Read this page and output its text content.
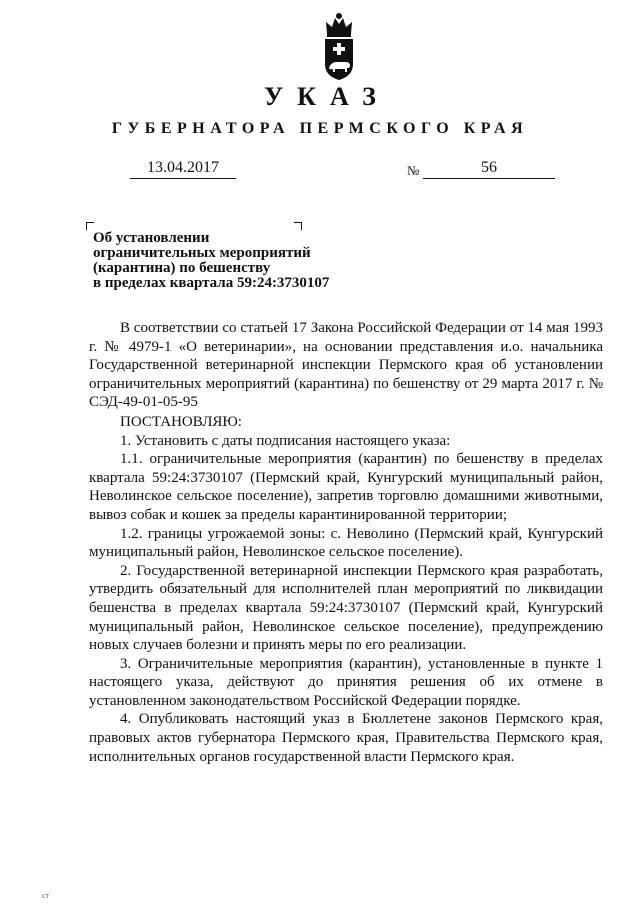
УКАЗ
ГУБЕРНАТОРА ПЕРМСКОГО КРАЯ
13.04.2017	№	56
Об установлении
ограничительных мероприятий
(карантина) по бешенству
в пределах квартала 59:24:3730107

В соответствии со статьей 17 Закона Российской Федерации от 14 мая 1993 г. № 4979-1 «О ветеринарии», на основании представления и.о. начальника Государственной ветеринарной инспекции Пермского края об установлении ограничительных мероприятий (карантина) по бешенству от 29 марта 2017 г. № СЭД-49-01-05-95

ПОСТАНОВЛЯЮ:

1. Установить с даты подписания настоящего указа:

1.1. ограничительные мероприятия (карантин) по бешенству в пределах квартала 59:24:3730107 (Пермский край, Кунгурский муниципальный район, Неволинское сельское поселение), запретив торговлю домашними животными, вывоз собак и кошек за пределы карантинированной территории;

1.2. границы угрожаемой зоны: с. Неволино (Пермский край, Кунгурский муниципальный район, Неволинское сельское поселение).

2. Государственной ветеринарной инспекции Пермского края разработать, утвердить обязательный для исполнителей план мероприятий по ликвидации бешенства в пределах квартала 59:24:3730107 (Пермский край, Кунгурский муниципальный район, Неволинское сельское поселение), предупреждению новых случаев болезни и принять меры по его реализации.

3. Ограничительные мероприятия (карантин), установленные в пункте 1 настоящего указа, действуют до принятия решения об их отмене в установленном законодательством Российской Федерации порядке.

4. Опубликовать настоящий указ в Бюллетене законов Пермского края, правовых актов губернатора Пермского края, Правительства Пермского края, исполнительных органов государственной власти Пермского края.

ст
